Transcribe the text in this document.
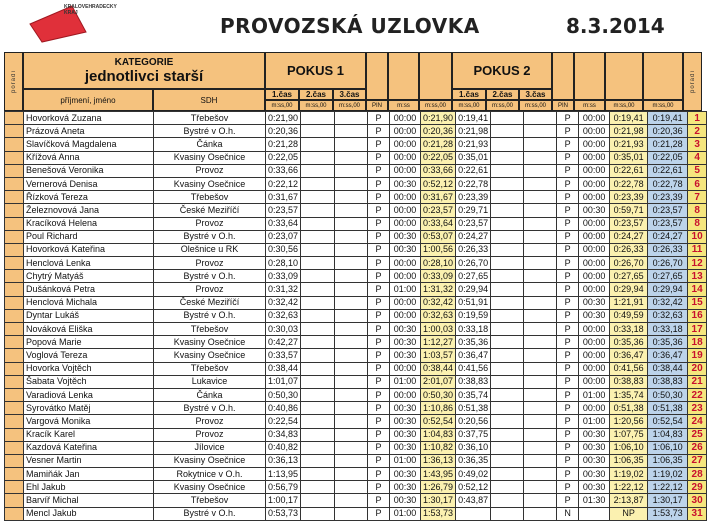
KRÁLOVÉHRADECKÝ
KRAJ
PROVOZSKÁ UZLOVKA	8.3.2014
pořadí
KATEGORIE
jednotlivci starší
příjmení, jméno	SDH
POKUS 1
1.čas 2.čas 3.čas
m:ss,00 m:ss,00 m:ss,00 PIN	m:ss	m:ss,00
POKUS 2
1.čas 2.čas 3.čas
m:ss,00 m:ss,00 m:ss,00 PIN	m:ss	m:ss,00	m:ss,00
pořadí
	Hovorková Zuzana	Třebešov	0:21,90			P	00:00	0:21,90	0:19,41			P	00:00	0:19,41	0:19,41	1
	Prázová Aneta	Bystré v O.h.	0:20,36			P	00:00	0:20,36	0:21,98			P	00:00	0:21,98	0:20,36	2
	Slavíčková Magdalena	Čánka	0:21,28			P	00:00	0:21,28	0:21,93			P	00:00	0:21,93	0:21,28	3
	Křížová Anna	Kvasiny Osečnice	0:22,05			P	00:00	0:22,05	0:35,01			P	00:00	0:35,01	0:22,05	4
	Benešová Veronika	Provoz	0:33,66			P	00:00	0:33,66	0:22,61			P	00:00	0:22,61	0:22,61	5
	Vernerová Denisa	Kvasiny Osečnice	0:22,12			P	00:30	0:52,12	0:22,78			P	00:00	0:22,78	0:22,78	6
	Řízková Tereza	Třebešov	0:31,67			P	00:00	0:31,67	0:23,39			P	00:00	0:23,39	0:23,39	7
	Železnovová Jana	České Meziříčí	0:23,57			P	00:00	0:23,57	0:29,71			P	00:30	0:59,71	0:23,57	8
	Kracíková Helena	Provoz	0:33,64			P	00:00	0:33,64	0:23,57			P	00:00	0:23,57	0:23,57	8
	Poul Richard	Bystré v O.h.	0:23,07			P	00:30	0:53,07	0:24,27			P	00:00	0:24,27	0:24,27	10
	Hovorková Kateřina	Olešnice u RK	0:30,56			P	00:30	1:00,56	0:26,33			P	00:00	0:26,33	0:26,33	11
	Henclová Lenka	Provoz	0:28,10			P	00:00	0:28,10	0:26,70			P	00:00	0:26,70	0:26,70	12
	Chytrý Matyáš	Bystré v O.h.	0:33,09			P	00:00	0:33,09	0:27,65			P	00:00	0:27,65	0:27,65	13
	Dušánková Petra	Provoz	0:31,32			P	01:00	1:31,32	0:29,94			P	00:00	0:29,94	0:29,94	14
	Henclová Michala	České Meziříčí	0:32,42			P	00:00	0:32,42	0:51,91			P	00:30	1:21,91	0:32,42	15
	Dyntar Lukáš	Bystré v O.h.	0:32,63			P	00:00	0:32,63	0:19,59			P	00:30	0:49,59	0:32,63	16
	Nováková Eliška	Třebešov	0:30,03			P	00:30	1:00,03	0:33,18			P	00:00	0:33,18	0:33,18	17
	Popová Marie	Kvasiny Osečnice	0:42,27			P	00:30	1:12,27	0:35,36			P	00:00	0:35,36	0:35,36	18
	Voglová Tereza	Kvasiny Osečnice	0:33,57			P	00:30	1:03,57	0:36,47			P	00:00	0:36,47	0:36,47	19
	Hovorka Vojtěch	Třebešov	0:38,44			P	00:00	0:38,44	0:41,56			P	00:00	0:41,56	0:38,44	20
	Šabata Vojtěch	Lukavice	1:01,07			P	01:00	2:01,07	0:38,83			P	00:00	0:38,83	0:38,83	21
	Varadiová Lenka	Čánka	0:50,30			P	00:00	0:50,30	0:35,74			P	01:00	1:35,74	0:50,30	22
	Syrovátko Matěj	Bystré v O.h.	0:40,86			P	00:30	1:10,86	0:51,38			P	00:00	0:51,38	0:51,38	23
	Vargová Monika	Provoz	0:22,54			P	00:30	0:52,54	0:20,56			P	01:00	1:20,56	0:52,54	24
	Kracík Karel	Provoz	0:34,83			P	00:30	1:04,83	0:37,75			P	00:30	1:07,75	1:04,83	25
	Kazdová Kateřina	Jílovice	0:40,82			P	00:30	1:10,82	0:36,10			P	00:30	1:06,10	1:06,10	26
	Vesner Martin	Kvasiny Osečnice	0:36,13			P	01:00	1:36,13	0:36,35			P	00:30	1:06,35	1:06,35	27
	Mamiňák Jan	Rokytnice v O.h.	1:13,95			P	00:30	1:43,95	0:49,02			P	00:30	1:19,02	1:19,02	28
	Ehl Jakub	Kvasiny Osečnice	0:56,79			P	00:30	1:26,79	0:52,12			P	00:30	1:22,12	1:22,12	29
	Barvíř Michal	Třebešov	1:00,17			P	00:30	1:30,17	0:43,87			P	01:30	2:13,87	1:30,17	30
	Mencl Jakub	Bystré v O.h.	0:53,73			P	01:00	1:53,73				N		NP	1:53,73	31
